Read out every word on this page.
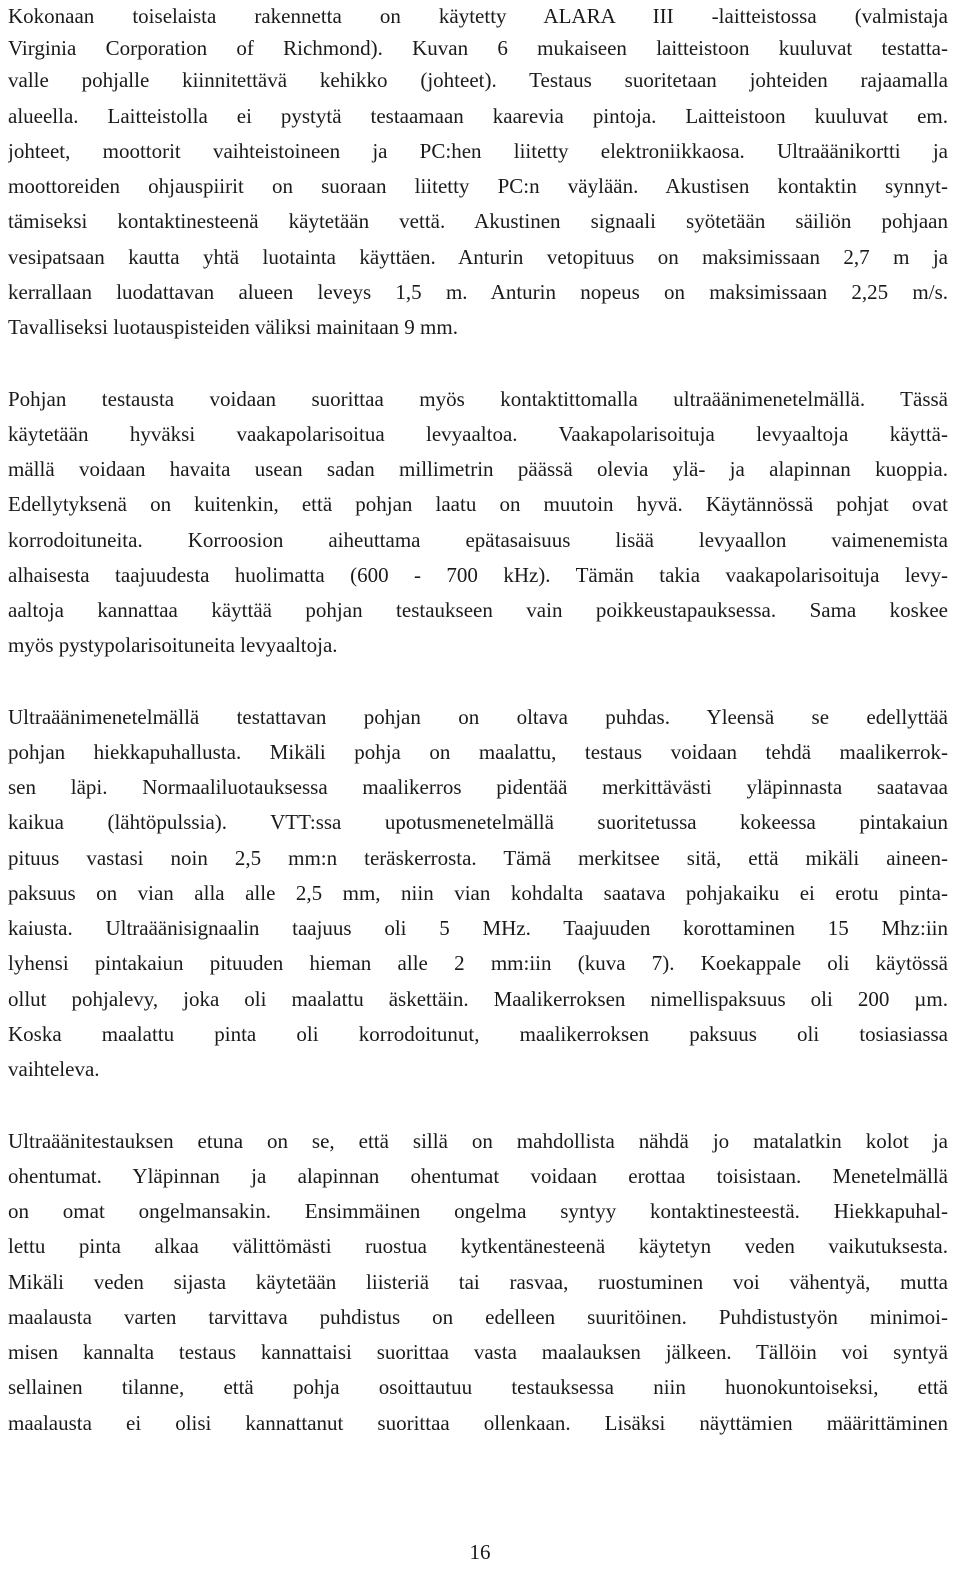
Kokonaan toiselaista rakennetta on käytetty ALARA III -laitteistossa (valmistaja

Virginia Corporation of Richmond). Kuvan 6 mukaiseen laitteistoon kuuluvat testatta-

valle pohjalle kiinnitettävä kehikko (johteet). Testaus suoritetaan johteiden rajaamalla

alueella. Laitteistolla ei pystytä testaamaan kaarevia pintoja. Laitteistoon kuuluvat em.

johteet, moottorit vaihteistoineen ja PC:hen liitetty elektroniikkaosa. Ultraäänikortti ja

moottoreiden ohjauspiirit on suoraan liitetty PC:n väylään. Akustisen kontaktin synnyt-

tämiseksi kontaktinesteenä käytetään vettä. Akustinen signaali syötetään säiliön pohjaan

vesipatsaan kautta yhtä luotainta käyttäen. Anturin vetopituus on maksimissaan 2,7 m ja

kerrallaan luodattavan alueen leveys 1,5 m. Anturin nopeus on maksimissaan 2,25 m/s.

Tavalliseksi luotauspisteiden väliksi mainitaan 9 mm.

Pohjan testausta voidaan suorittaa myös kontaktittomalla ultraäänimenetelmällä. Tässä

käytetään hyväksi vaakapolarisoitua levyaaltoa. Vaakapolarisoituja levyaaltoja käyttä-

mällä voidaan havaita usean sadan millimetrin päässä olevia ylä- ja alapinnan kuoppia.

Edellytyksenä on kuitenkin, että pohjan laatu on muutoin hyvä. Käytännössä pohjat ovat

korrodoituneita. Korroosion aiheuttama epätasaisuus lisää levyaallon vaimenemista

alhaisesta taajuudesta huolimatta (600 - 700 kHz). Tämän takia vaakapolarisoituja levy-

aaltoja kannattaa käyttää pohjan testaukseen vain poikkeustapauksessa. Sama koskee

myös pystypolarisoituneita levyaaltoja.

Ultraäänimenetelmällä testattavan pohjan on oltava puhdas. Yleensä se edellyttää

pohjan hiekkapuhallusta. Mikäli pohja on maalattu, testaus voidaan tehdä maalikerrok-

sen läpi. Normaaliluotauksessa maalikerros pidentää merkittävästi yläpinnasta saatavaa

kaikua (lähtöpulssia). VTT:ssa upotusmenetelmällä suoritetussa kokeessa pintakaiun

pituus vastasi noin 2,5 mm:n teräskerrosta. Tämä merkitsee sitä, että mikäli aineen-

paksuus on vian alla alle 2,5 mm, niin vian kohdalta saatava pohjakaiku ei erotu pinta-

kaiusta. Ultraäänisignaalin taajuus oli 5 MHz. Taajuuden korottaminen 15 Mhz:iin

lyhensi pintakaiun pituuden hieman alle 2 mm:iin (kuva 7). Koekappale oli käytössä

ollut pohjalevy, joka oli maalattu äskettäin. Maalikerroksen nimellispaksuus oli 200 µm.

Koska maalattu pinta oli korrodoitunut, maalikerroksen paksuus oli tosiasiassa

vaihteleva.

Ultraäänitestauksen etuna on se, että sillä on mahdollista nähdä jo matalatkin kolot ja

ohentumat. Yläpinnan ja alapinnan ohentumat voidaan erottaa toisistaan. Menetelmällä

on omat ongelmansakin. Ensimmäinen ongelma syntyy kontaktinesteestä. Hiekkapuhal-

lettu pinta alkaa välittömästi ruostua kytkentänesteenä käytetyn veden vaikutuksesta.

Mikäli veden sijasta käytetään liisteriä tai rasvaa, ruostuminen voi vähentyä, mutta

maalausta varten tarvittava puhdistus on edelleen suuritöinen. Puhdistustyön minimoi-

misen kannalta testaus kannattaisi suorittaa vasta maalauksen jälkeen. Tällöin voi syntyä

sellainen tilanne, että pohja osoittautuu testauksessa niin huonokuntoiseksi, että

maalausta ei olisi kannattanut suorittaa ollenkaan. Lisäksi näyttämien määrittäminen

16
